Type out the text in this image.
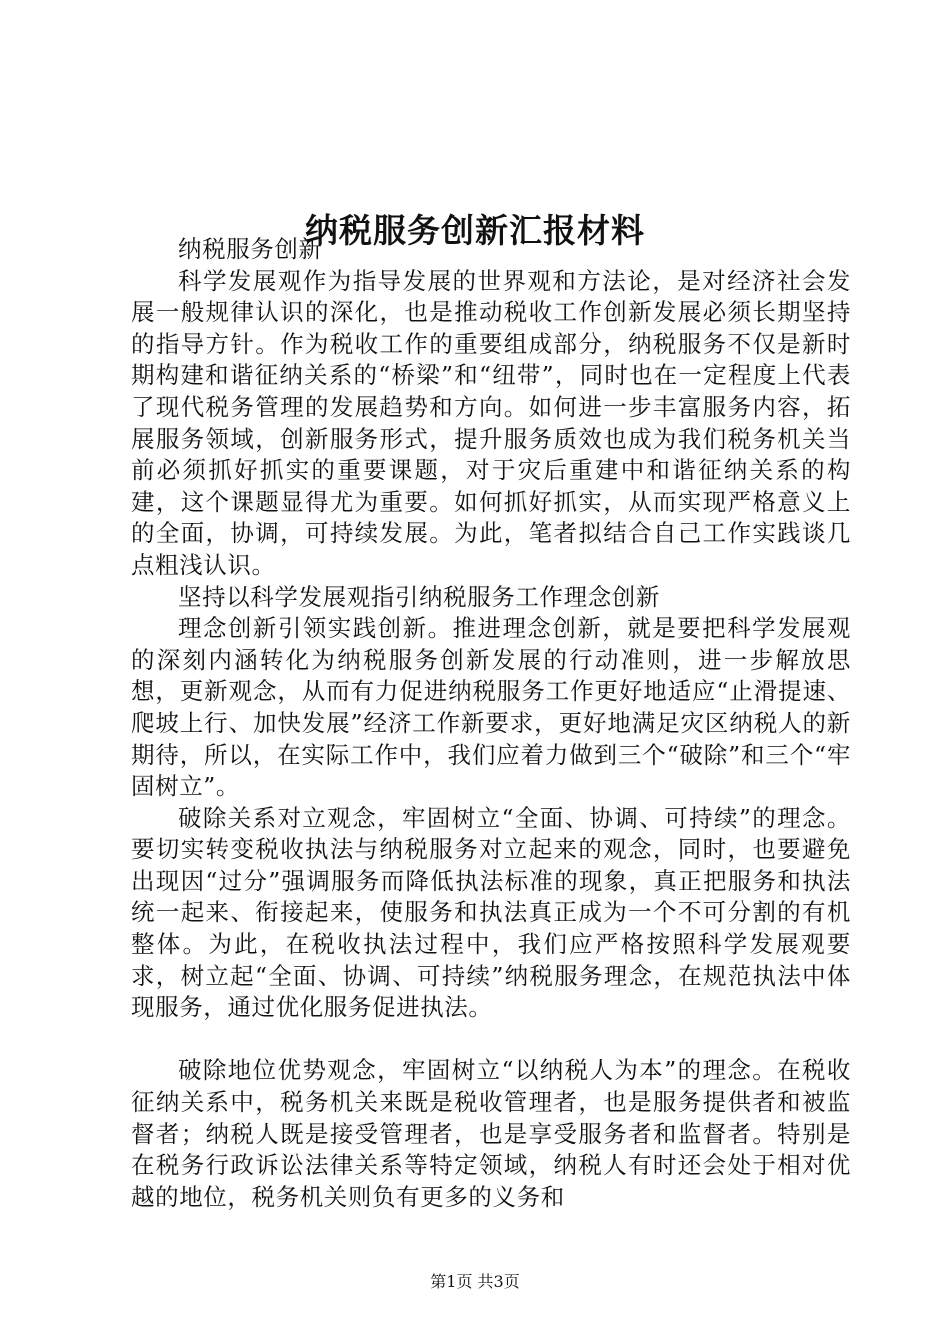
纳税服务创新汇报材料

纳税服务创新

科学发展观作为指导发展的世界观和方法论，是对经济社会发展一般规律认识的深化，也是推动税收工作创新发展必须长期坚持的指导方针。作为税收工作的重要组成部分，纳税服务不仅是新时期构建和谐征纳关系的“桥梁”和“纽带”，同时也在一定程度上代表了现代税务管理的发展趋势和方向。如何进一步丰富服务内容，拓展服务领域，创新服务形式，提升服务质效也成为我们税务机关当前必须抓好抓实的重要课题，对于灾后重建中和谐征纳关系的构建，这个课题显得尤为重要。如何抓好抓实，从而实现严格意义上的全面，协调，可持续发展。为此，笔者拟结合自己工作实践谈几点粗浅认识。

坚持以科学发展观指引纳税服务工作理念创新

理念创新引领实践创新。推进理念创新，就是要把科学发展观的深刻内涵转化为纳税服务创新发展的行动准则，进一步解放思想，更新观念，从而有力促进纳税服务工作更好地适应“止滑提速、爬坡上行、加快发展”经济工作新要求，更好地满足灾区纳税人的新期待，所以，在实际工作中，我们应着力做到三个“破除”和三个“牢固树立”。

破除关系对立观念，牢固树立“全面、协调、可持续”的理念。要切实转变税收执法与纳税服务对立起来的观念，同时，也要避免出现因“过分”强调服务而降低执法标准的现象，真正把服务和执法统一起来、衔接起来，使服务和执法真正成为一个不可分割的有机整体。为此，在税收执法过程中，我们应严格按照科学发展观要求，树立起“全面、协调、可持续”纳税服务理念，在规范执法中体现服务，通过优化服务促进执法。

破除地位优势观念，牢固树立“以纳税人为本”的理念。在税收征纳关系中，税务机关来既是税收管理者，也是服务提供者和被监督者；纳税人既是接受管理者，也是享受服务者和监督者。特别是在税务行政诉讼法律关系等特定领域，纳税人有时还会处于相对优越的地位，税务机关则负有更多的义务和

第1页 共3页
